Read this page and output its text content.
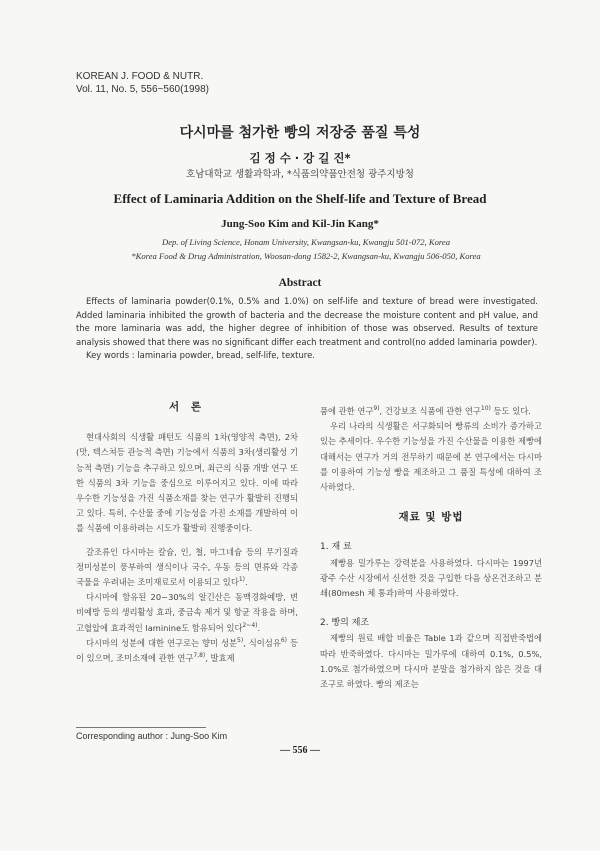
KOREAN J. FOOD & NUTR.
Vol. 11, No. 5, 556~560(1998)
다시마를 첨가한 빵의 저장중 품질 특성
김 정 수 · 강 길 진*
호남대학교 생활과학과, *식품의약품안전청 광주지방청
Effect of Laminaria Addition on the Shelf-life and Texture of Bread
Jung-Soo Kim and Kil-Jin Kang*
Dep. of Living Science, Honam University, Kwangsan-ku, Kwangju 501-072, Korea
*Korea Food & Drug Administration, Woosan-dong 1582-2, Kwangsan-ku, Kwangju 506-050, Korea
Abstract

Effects of laminaria powder(0.1%, 0.5% and 1.0%) on self-life and texture of bread were investigated. Added laminaria inhibited the growth of bacteria and the decrease the moisture content and pH value, and the more laminaria was add, the higher degree of inhibition of those was observed. Results of texture analysis showed that there was no significant differ each treatment and control(no added laminaria powder).

Key words : laminaria powder, bread, self-life, texture.

서 론

현대사회의 식생활 패턴도 식품의 1차(영양적 측면), 2차(맛, 텍스쳐등 관능적 측면) 기능에서 식품의 3차(생리활성 기능적 측면) 기능을 추구하고 있으며, 최근의 식품 개발 연구 또한 식품의 3차 기능을 중심으로 이루어지고 있다. 이에 따라 우수한 기능성을 가진 식품소재를 찾는 연구가 활발히 진행되고 있다. 특히, 수산물 중에 기능성을 가진 소재를 개발하여 이를 식품에 이용하려는 시도가 활발히 진행중이다.

갈조류인 다시마는 칼슘, 인, 철, 마그네슘 등의 무기질과 정미성분이 풍부하여 생식이나 국수, 우동 등의 면류와 각종 국물을 우려내는 조미재료로서 이용되고 있다$^{1)}$.

다시마에 함유된 20~30%의 알긴산은 동맥경화예방, 변비예방 등의 생리활성 효과, 중금속 제거 및 항균 작용을 하며, 고혈압에 효과적인 laminine도 함유되어 있다$^{2\sim 4)}$.

다시마의 성분에 대한 연구로는 향미 성분$^{5)}$, 식이섬유$^{6)}$ 등이 있으며, 조미소재에 관한 연구$^{7,8)}$, 발효제

Corresponding author : Jung-Soo Kim

품에 관한 연구$^{9)}$, 건강보조 식품에 관한 연구$^{10)}$ 등도 있다.

우리 나라의 식생활은 서구화되어 빵류의 소비가 증가하고 있는 추세이다. 우수한 기능성을 가진 수산물을 이용한 제빵에 대해서는 연구가 거의 전무하기 때문에 본 연구에서는 다시마를 이용하여 기능성 빵을 제조하고 그 품질 특성에 대하여 조사하였다.

재료 및 방법

1. 재 료

제빵용 밀가루는 강력분을 사용하였다. 다시마는 1997년 광주 수산 시장에서 신선한 것을 구입한 다음 상온건조하고 분쇄(80mesh 체 통과)하여 사용하였다.

2. 빵의 제조

제빵의 원료 배합 비율은 Table 1과 같으며 직접반죽법에 따라 반죽하였다. 다시마는 밀가루에 대하여 0.1%, 0.5%, 1.0%로 첨가하였으며 다시마 분말을 첨가하지 않은 것을 대조구로 하였다. 빵의 제조는

— 556 —
